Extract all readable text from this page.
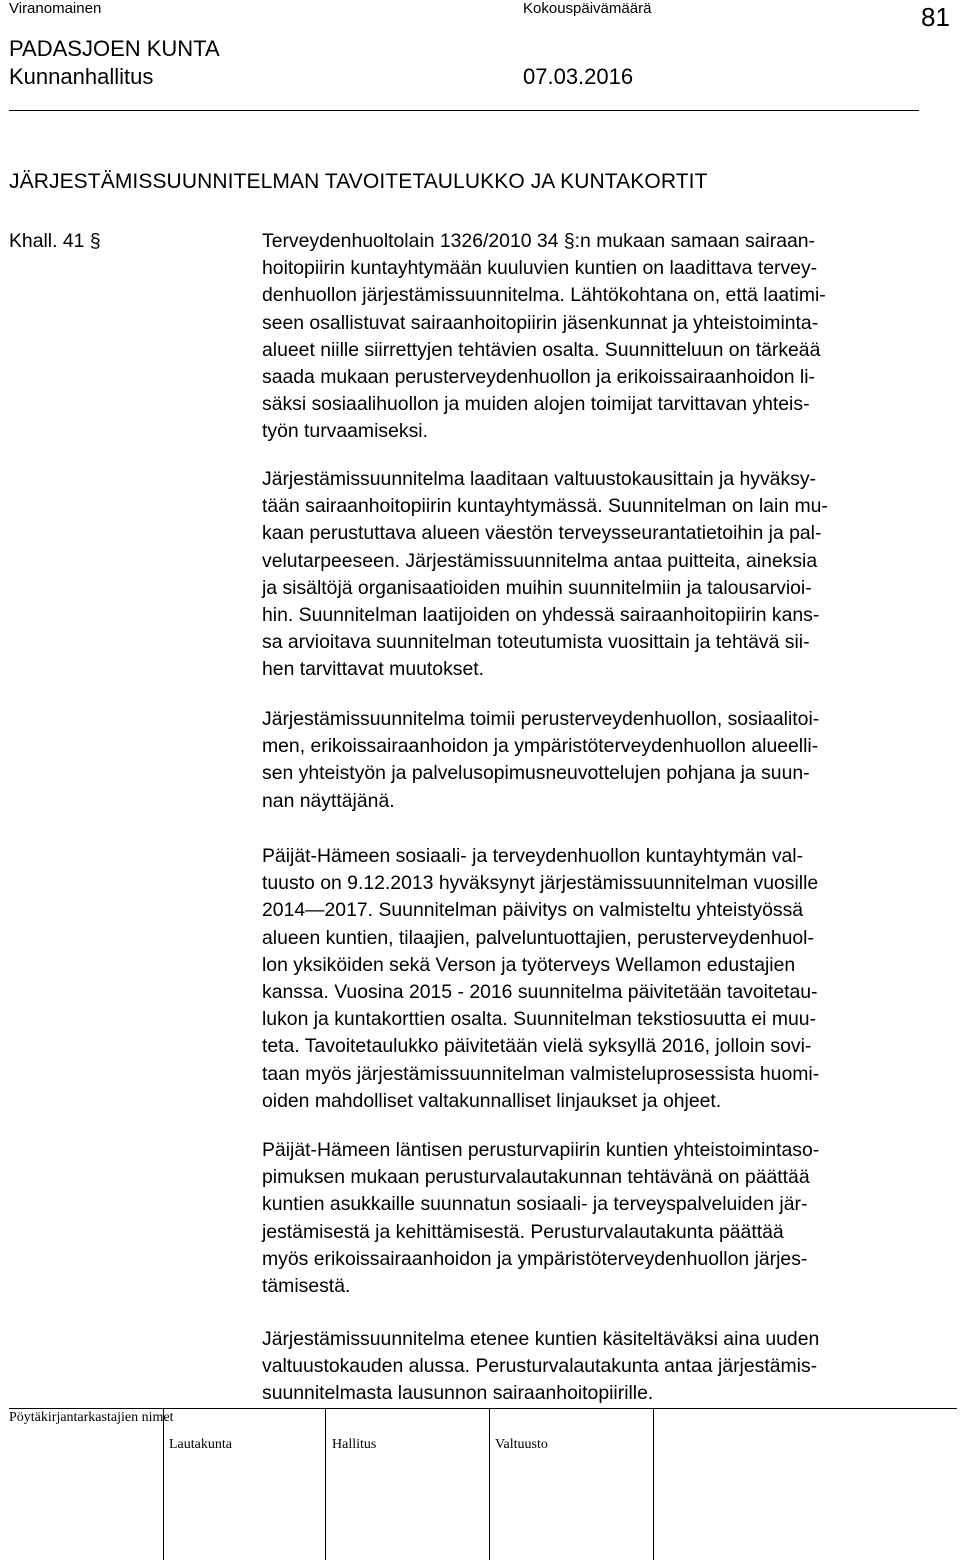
Viranomainen	Kokouspäivämäärä	81
PADASJOEN KUNTA
Kunnanhallitus	07.03.2016
JÄRJESTÄMISSUUNNITELMAN TAVOITETAULUKKO JA KUNTAKORTIT
Khall. 41 §	Terveydenhuoltolain 1326/2010 34 §:n mukaan samaan sairaan-
hoitopiirin kuntayhtymään kuuluvien kuntien on laadittava tervey-
denhuollon järjestämissuunnitelma. Lähtökohtana on, että laatimi-
seen osallistuvat sairaanhoitopiirin jäsenkunnat ja yhteistoiminta-
alueet niille siirrettyjen tehtävien osalta. Suunnitteluun on tärkeää
saada mukaan perusterveydenhuollon ja erikoissairaanhoidon li-
säksi sosiaalihuollon ja muiden alojen toimijat tarvittavan yhteis-
työn turvaamiseksi.
Järjestämissuunnitelma laaditaan valtuustokausittain ja hyväksy-
tään sairaanhoitopiirin kuntayhtymässä. Suunnitelman on lain mu-
kaan perustuttava alueen väestön terveysseurantatietoihin ja pal-
velutarpeeseen. Järjestämissuunnitelma antaa puitteita, aineksia
ja sisältöjä organisaatioiden muihin suunnitelmiin ja talousarvioi-
hin. Suunnitelman laatijoiden on yhdessä sairaanhoitopiirin kans-
sa arvioitava suunnitelman toteutumista vuosittain ja tehtävä sii-
hen tarvittavat muutokset.
Järjestämissuunnitelma toimii perusterveydenhuollon, sosiaalitoi-
men, erikoissairaanhoidon ja ympäristöterveydenhuollon alueelli-
sen yhteistyön ja palvelusopimusneuvottelujen pohjana ja suun-
nan näyttäjänä.
Päijät-Hämeen sosiaali- ja terveydenhuollon kuntayhtymän val-
tuusto on 9.12.2013 hyväksynyt järjestämissuunnitelman vuosille
2014—2017. Suunnitelman päivitys on valmisteltu yhteistyössä
alueen kuntien, tilaajien, palveluntuottajien, perusterveydenhuol-
lon yksiköiden sekä Verson ja työterveys Wellamon edustajien
kanssa. Vuosina 2015 - 2016 suunnitelma päivitetään tavoitetau-
lukon ja kuntakorttien osalta. Suunnitelman tekstiosuutta ei muu-
teta. Tavoitetaulukko päivitetään vielä syksyllä 2016, jolloin sovi-
taan myös järjestämissuunnitelman valmisteluprosessista huomi-
oiden mahdolliset valtakunnalliset linjaukset ja ohjeet.
Päijät-Hämeen läntisen perusturvapiirin kuntien yhteistoimintaso-
pimuksen mukaan perusturvalautakunnan tehtävänä on päättää
kuntien asukkaille suunnatun sosiaali- ja terveyspalveluiden jär-
jestämisestä ja kehittämisestä. Perusturvalautakunta päättää
myös erikoissairaanhoidon ja ympäristöterveydenhuollon järjes-
tämisestä.
Järjestämissuunnitelma etenee kuntien käsiteltäväksi aina uuden
valtuustokauden alussa. Perusturvalautakunta antaa järjestämis-
suunnitelmasta lausunnon sairaanhoitopiirille.
Pöytäkirjantarkastajien nimet
Lautakunta	Hallitus	Valtuusto
